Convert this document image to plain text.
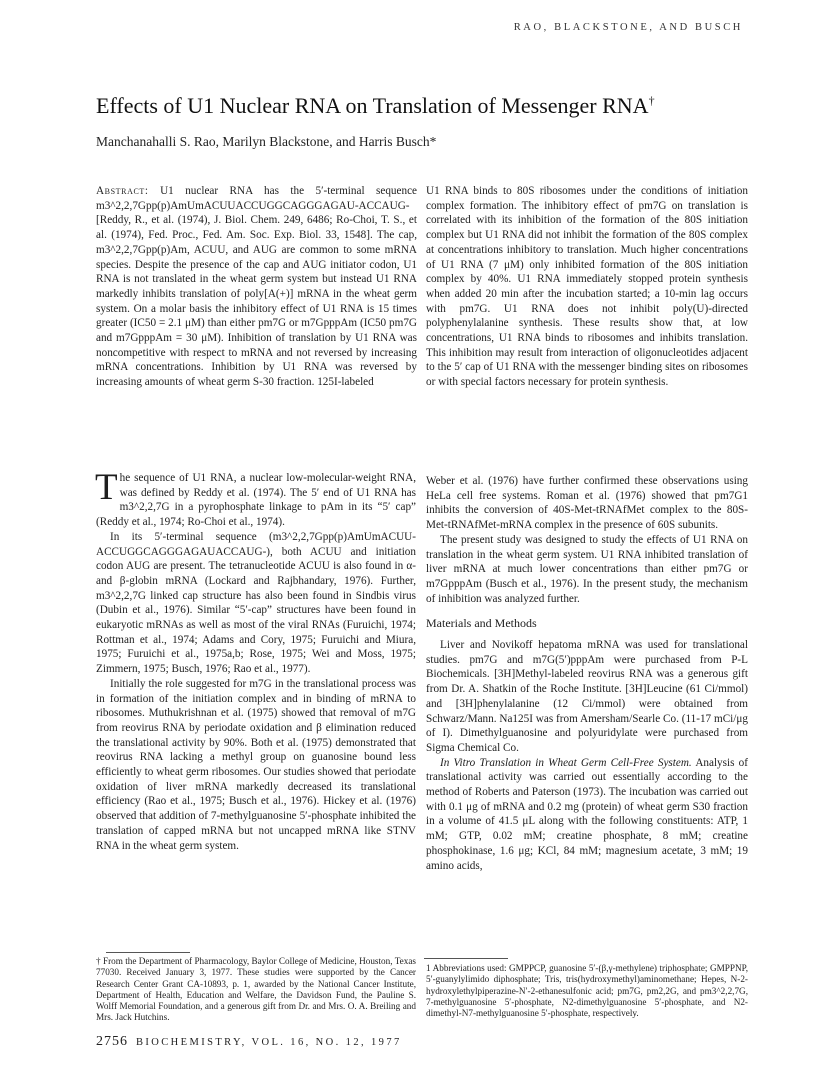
RAO, BLACKSTONE, AND BUSCH
Effects of U1 Nuclear RNA on Translation of Messenger RNA†
Manchanahalli S. Rao, Marilyn Blackstone, and Harris Busch*

Abstract: U1 nuclear RNA has the 5′-terminal sequence m3^2,2,7Gpp(p)AmUmACUUACCUGGCAGGGAGAU-ACCAUG- [Reddy, R., et al. (1974), J. Biol. Chem. 249, 6486; Ro-Choi, T. S., et al. (1974), Fed. Proc., Fed. Am. Soc. Exp. Biol. 33, 1548]. The cap, m3^2,2,7Gpp(p)Am, ACUU, and AUG are common to some mRNA species. Despite the presence of the cap and AUG initiator codon, U1 RNA is not translated in the wheat germ system but instead U1 RNA markedly inhibits translation of poly[A(+)] mRNA in the wheat germ system. On a molar basis the inhibitory effect of U1 RNA is 15 times greater (IC50 = 2.1 μM) than either pm7G or m7GpppAm (IC50 pm7G and m7GpppAm = 30 μM). Inhibition of translation by U1 RNA was noncompetitive with respect to mRNA and not reversed by increasing mRNA concentrations. Inhibition by U1 RNA was reversed by increasing amounts of wheat germ S-30 fraction. 125I-labeled

U1 RNA binds to 80S ribosomes under the conditions of initiation complex formation. The inhibitory effect of pm7G on translation is correlated with its inhibition of the formation of the 80S initiation complex but U1 RNA did not inhibit the formation of the 80S complex at concentrations inhibitory to translation. Much higher concentrations of U1 RNA (7 μM) only inhibited formation of the 80S initiation complex by 40%. U1 RNA immediately stopped protein synthesis when added 20 min after the incubation started; a 10-min lag occurs with pm7G. U1 RNA does not inhibit poly(U)-directed polyphenylalanine synthesis. These results show that, at low concentrations, U1 RNA binds to ribosomes and inhibits translation. This inhibition may result from interaction of oligonucleotides adjacent to the 5′ cap of U1 RNA with the messenger binding sites on ribosomes or with special factors necessary for protein synthesis.

The sequence of U1 RNA, a nuclear low-molecular-weight RNA, was defined by Reddy et al. (1974). The 5′ end of U1 RNA has m3^2,2,7G in a pyrophosphate linkage to pAm in its “5′ cap” (Reddy et al., 1974; Ro-Choi et al., 1974).

In its 5′-terminal sequence (m3^2,2,7Gpp(p)AmUmACUU-ACCUGGCAGGGAGAUACCAUG-), both ACUU and initiation codon AUG are present. The tetranucleotide ACUU is also found in α- and β-globin mRNA (Lockard and Rajbhandary, 1976). Further, m3^2,2,7G linked cap structure has also been found in Sindbis virus (Dubin et al., 1976). Similar “5′-cap” structures have been found in eukaryotic mRNAs as well as most of the viral RNAs (Furuichi, 1974; Rottman et al., 1974; Adams and Cory, 1975; Furuichi and Miura, 1975; Furuichi et al., 1975a,b; Rose, 1975; Wei and Moss, 1975; Zimmern, 1975; Busch, 1976; Rao et al., 1977).

Initially the role suggested for m7G in the translational process was in formation of the initiation complex and in binding of mRNA to ribosomes. Muthukrishnan et al. (1975) showed that removal of m7G from reovirus RNA by periodate oxidation and β elimination reduced the translational activity by 90%. Both et al. (1975) demonstrated that reovirus RNA lacking a methyl group on guanosine bound less efficiently to wheat germ ribosomes. Our studies showed that periodate oxidation of liver mRNA markedly decreased its translational efficiency (Rao et al., 1975; Busch et al., 1976). Hickey et al. (1976) observed that addition of 7-methylguanosine 5′-phosphate inhibited the translation of capped mRNA but not uncapped mRNA like STNV RNA in the wheat germ system.

Weber et al. (1976) have further confirmed these observations using HeLa cell free systems. Roman et al. (1976) showed that pm7G1 inhibits the conversion of 40S-Met-tRNAfMet complex to the 80S-Met-tRNAfMet-mRNA complex in the presence of 60S subunits.

The present study was designed to study the effects of U1 RNA on translation in the wheat germ system. U1 RNA inhibited translation of liver mRNA at much lower concentrations than either pm7G or m7GpppAm (Busch et al., 1976). In the present study, the mechanism of inhibition was analyzed further.

Materials and Methods

Liver and Novikoff hepatoma mRNA was used for translational studies. pm7G and m7G(5′)pppAm were purchased from P-L Biochemicals. [3H]Methyl-labeled reovirus RNA was a generous gift from Dr. A. Shatkin of the Roche Institute. [3H]Leucine (61 Ci/mmol) and [3H]phenylalanine (12 Ci/mmol) were obtained from Schwarz/Mann. Na125I was from Amersham/Searle Co. (11-17 mCi/μg of I). Dimethylguanosine and polyuridylate were purchased from Sigma Chemical Co.

In Vitro Translation in Wheat Germ Cell-Free System. Analysis of translational activity was carried out essentially according to the method of Roberts and Paterson (1973). The incubation was carried out with 0.1 μg of mRNA and 0.2 mg (protein) of wheat germ S30 fraction in a volume of 41.5 μL along with the following constituents: ATP, 1 mM; GTP, 0.02 mM; creatine phosphate, 8 mM; creatine phosphokinase, 1.6 μg; KCl, 84 mM; magnesium acetate, 3 mM; 19 amino acids,

† From the Department of Pharmacology, Baylor College of Medicine, Houston, Texas 77030. Received January 3, 1977. These studies were supported by the Cancer Research Center Grant CA-10893, p. 1, awarded by the National Cancer Institute, Department of Health, Education and Welfare, the Davidson Fund, the Pauline S. Wolff Memorial Foundation, and a generous gift from Dr. and Mrs. O. A. Breiling and Mrs. Jack Hutchins.

1 Abbreviations used: GMPPCP, guanosine 5′-(β,γ-methylene) triphosphate; GMPPNP, 5′-guanylylimido diphosphate; Tris, tris(hydroxymethyl)aminomethane; Hepes, N-2-hydroxylethylpiperazine-N′-2-ethanesulfonic acid; pm7G, pm2,2G, and pm3^2,2,7G, 7-methylguanosine 5′-phosphate, N2-dimethylguanosine 5′-phosphate, and N2-dimethyl-N7-methylguanosine 5′-phosphate, respectively.

2756 BIOCHEMISTRY, VOL. 16, NO. 12, 1977
